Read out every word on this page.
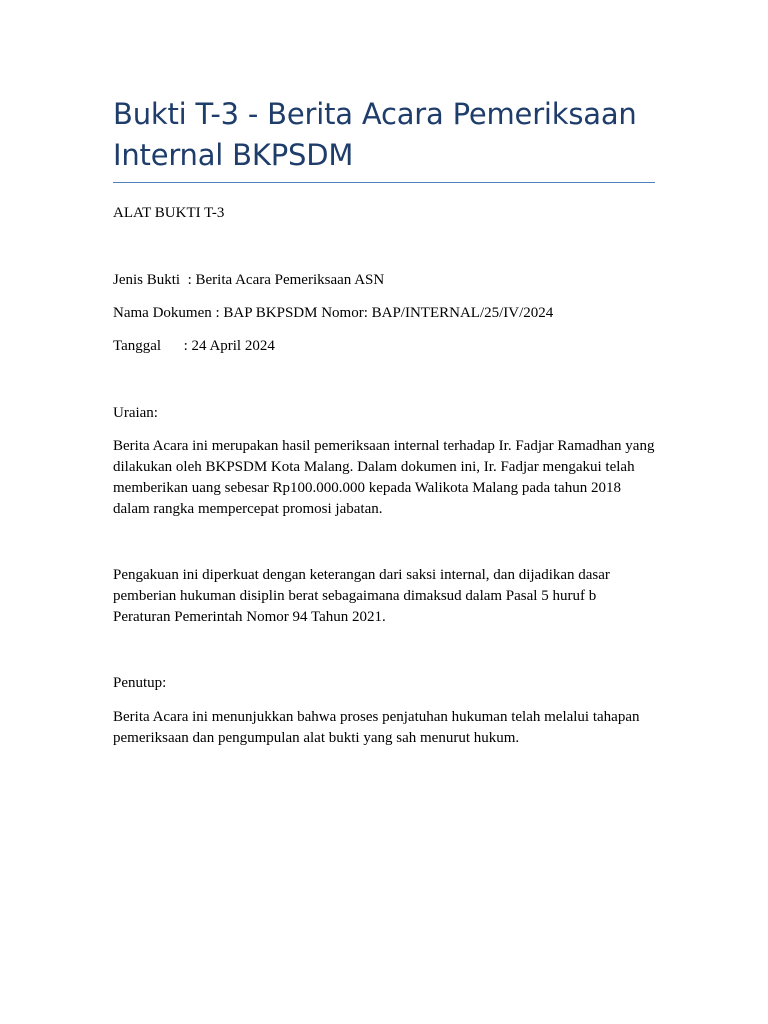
Bukti T-3 - Berita Acara Pemeriksaan Internal BKPSDM

ALAT BUKTI T-3

Jenis Bukti  : Berita Acara Pemeriksaan ASN

Nama Dokumen : BAP BKPSDM Nomor: BAP/INTERNAL/25/IV/2024

Tanggal      : 24 April 2024

Uraian:

Berita Acara ini merupakan hasil pemeriksaan internal terhadap Ir. Fadjar Ramadhan yang dilakukan oleh BKPSDM Kota Malang. Dalam dokumen ini, Ir. Fadjar mengakui telah memberikan uang sebesar Rp100.000.000 kepada Walikota Malang pada tahun 2018 dalam rangka mempercepat promosi jabatan.

Pengakuan ini diperkuat dengan keterangan dari saksi internal, dan dijadikan dasar pemberian hukuman disiplin berat sebagaimana dimaksud dalam Pasal 5 huruf b Peraturan Pemerintah Nomor 94 Tahun 2021.

Penutup:

Berita Acara ini menunjukkan bahwa proses penjatuhan hukuman telah melalui tahapan pemeriksaan dan pengumpulan alat bukti yang sah menurut hukum.
